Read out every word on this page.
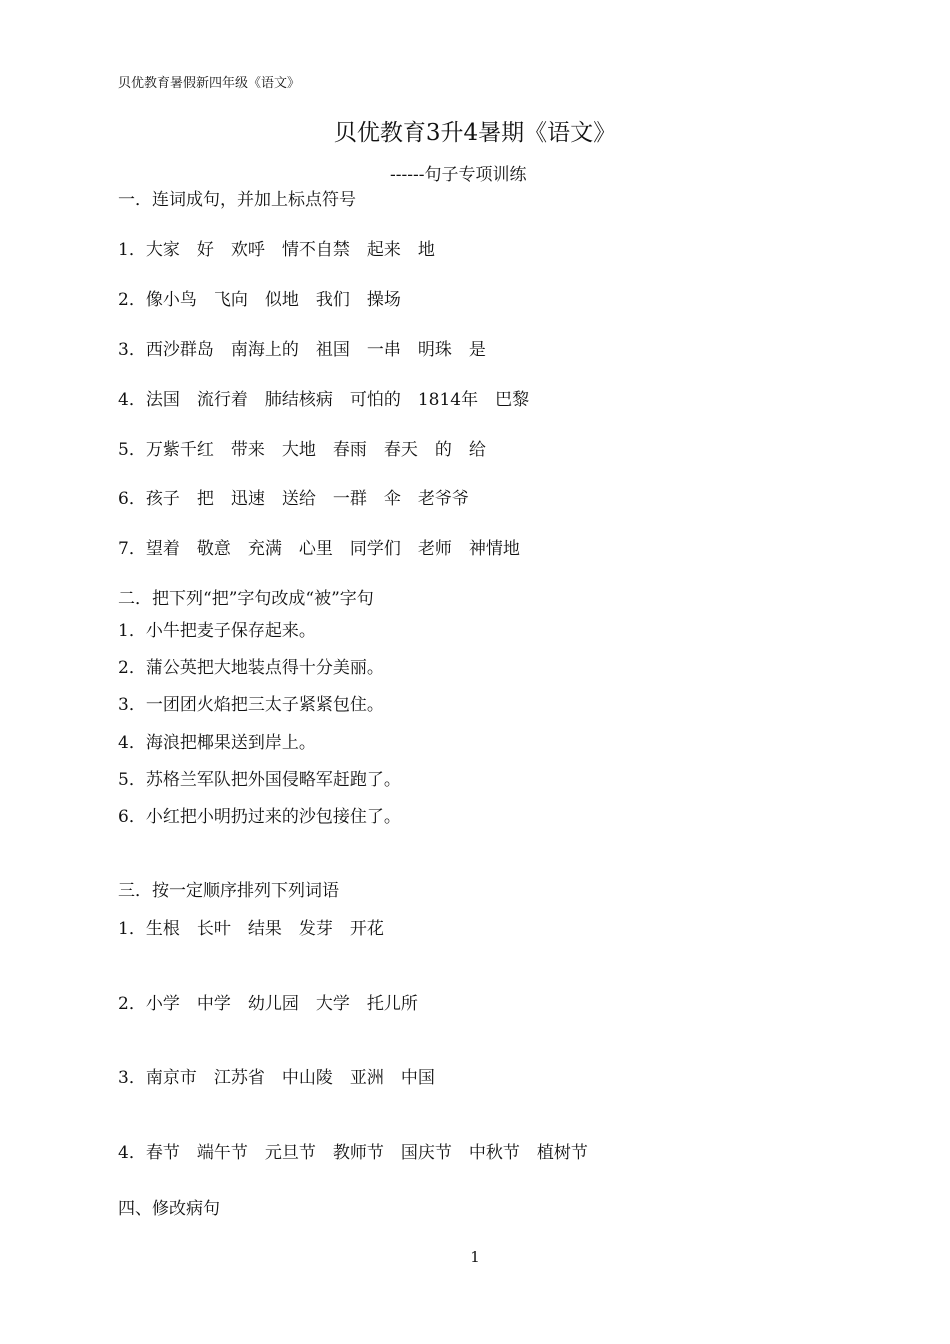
贝优教育暑假新四年级《语文》
贝优教育3升4暑期《语文》
------句子专项训练
一．连词成句，并加上标点符号
1．大家　好　欢呼　情不自禁　起来　地
2．像小鸟　飞向　似地　我们　操场
3．西沙群岛　南海上的　祖国　一串　明珠　是
4．法国　流行着　肺结核病　可怕的　1814年　巴黎
5．万紫千红　带来　大地　春雨　春天　的　给
6．孩子　把　迅速　送给　一群　伞　老爷爷
7．望着　敬意　充满　心里　同学们　老师　神情地
二．把下列“把”字句改成“被”字句
1．小牛把麦子保存起来。
2．蒲公英把大地装点得十分美丽。
3．一团团火焰把三太子紧紧包住。
4．海浪把椰果送到岸上。
5．苏格兰军队把外国侵略军赶跑了。
6．小红把小明扔过来的沙包接住了。
三．按一定顺序排列下列词语
1．生根　长叶　结果　发芽　开花
2．小学　中学　幼儿园　大学　托儿所
3．南京市　江苏省　中山陵　亚洲　中国
4．春节　端午节　元旦节　教师节　国庆节　中秋节　植树节
四、修改病句
1
